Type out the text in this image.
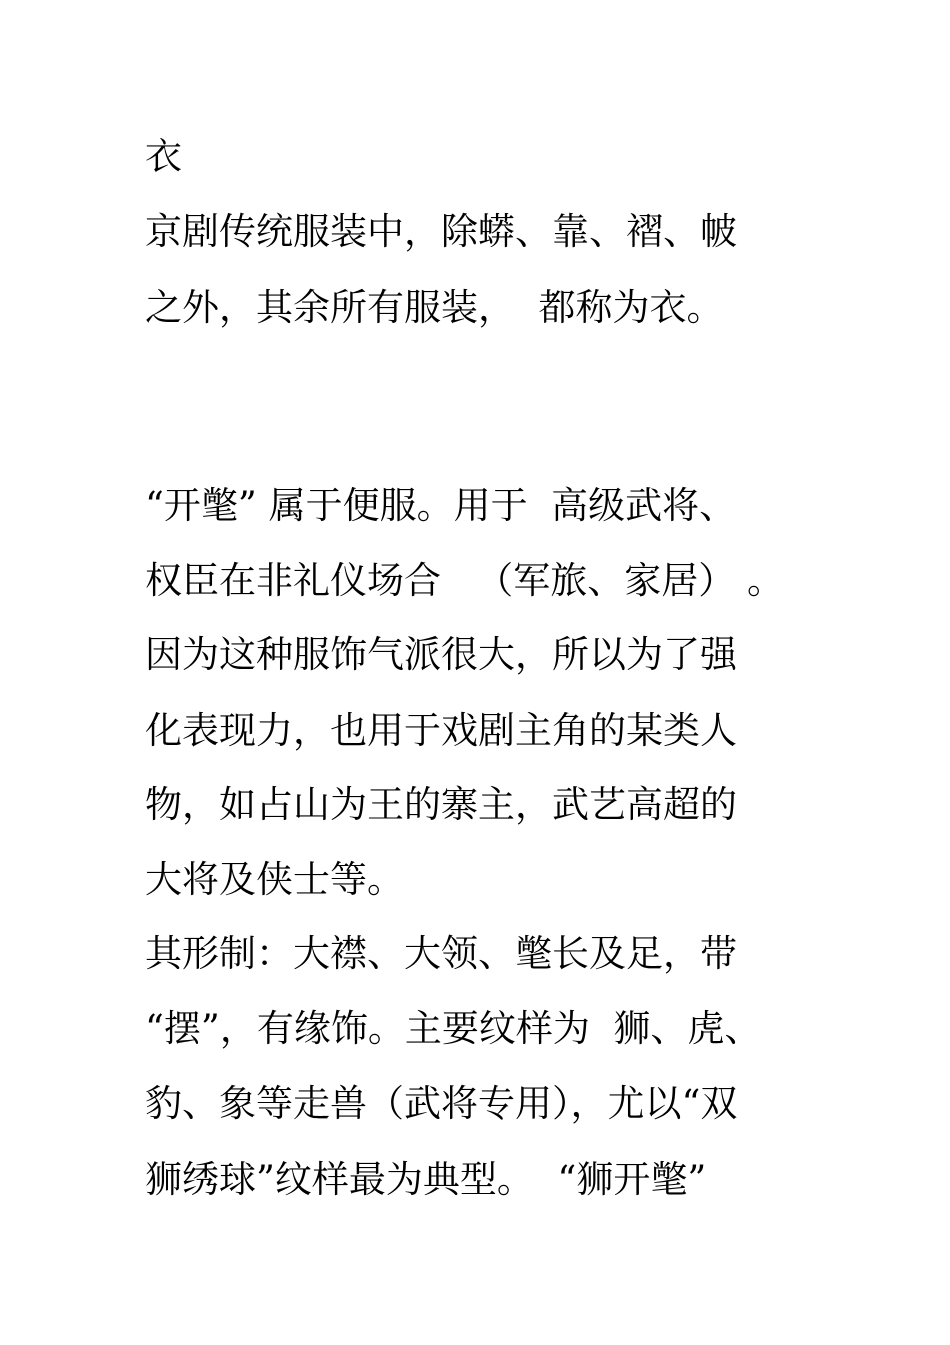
衣

京剧传统服装中，除蟒、靠、褶、帔

之外，其余所有服装，  都称为衣。

“开氅” 属于便服。用于  高级武将、

权臣在非礼仪场合   （军旅、家居） 。

因为这种服饰气派很大，所以为了强

化表现力，也用于戏剧主角的某类人

物，如占山为王的寨主，武艺高超的

大将及侠士等。

其形制：大襟、大领、氅长及足，带

“摆”，有缘饰。主要纹样为  狮、虎、

豹、象等走兽（武将专用），尤以“双

狮绣球”纹样最为典型。  “狮开氅”
